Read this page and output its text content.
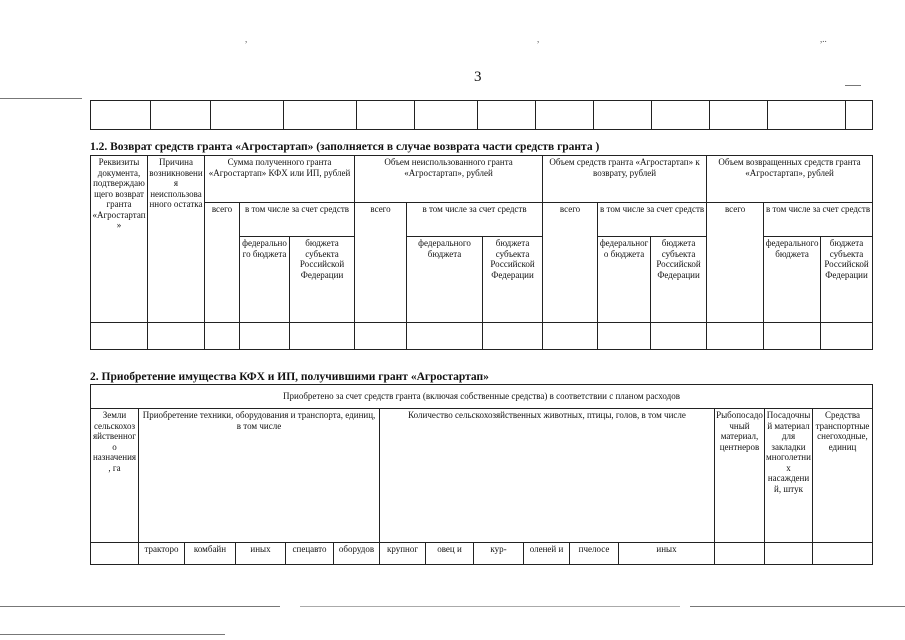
,	,	,..
3

1.2. Возврат средств гранта «Агростартап» (заполняется в случае возврата части средств гранта )
Реквизиты документа, подтверждающего возврат гранта «Агростартап»	Причина возникновения неиспользованного остатка	Сумма полученного гранта «Агростартап» КФХ или ИП, рублей			Объем неиспользованного гранта «Агростартап», рублей			Объем средств гранта «Агростартап» к возврату, рублей			Объем возвращенных средств гранта «Агростартап», рублей		
		всего	в том числе за счет средств		всего	в том числе за счет средств		всего	в том числе за счет средств		всего	в том числе за счет средств	
			федерального бюджета	бюджета субъекта Российской Федерации		федерального бюджета	бюджета субъекта Российской Федерации		федерального бюджета	бюджета субъекта Российской Федерации		федерального бюджета	бюджета субъекта Российской Федерации

2. Приобретение имущества КФХ и ИП, получившими грант «Агростартап»
Приобретено за счет средств гранта (включая собственные средства) в соответствии с планом расходов														
Земли сельскохозяйственного назначения, га	Приобретение техники, оборудования и транспорта, единиц, в том числе					Количество сельскохозяйственных животных, птицы, голов, в том числе						Рыбопосадочный материал, центнеров	Посадочный материал для закладки многолетних насаждений, штук	Средства транспортные снегоходные, единиц
	тракторо	комбайн	иных	спецавто	оборудов	крупног	овец и	кур-	оленей и	пчелосе	иных			
